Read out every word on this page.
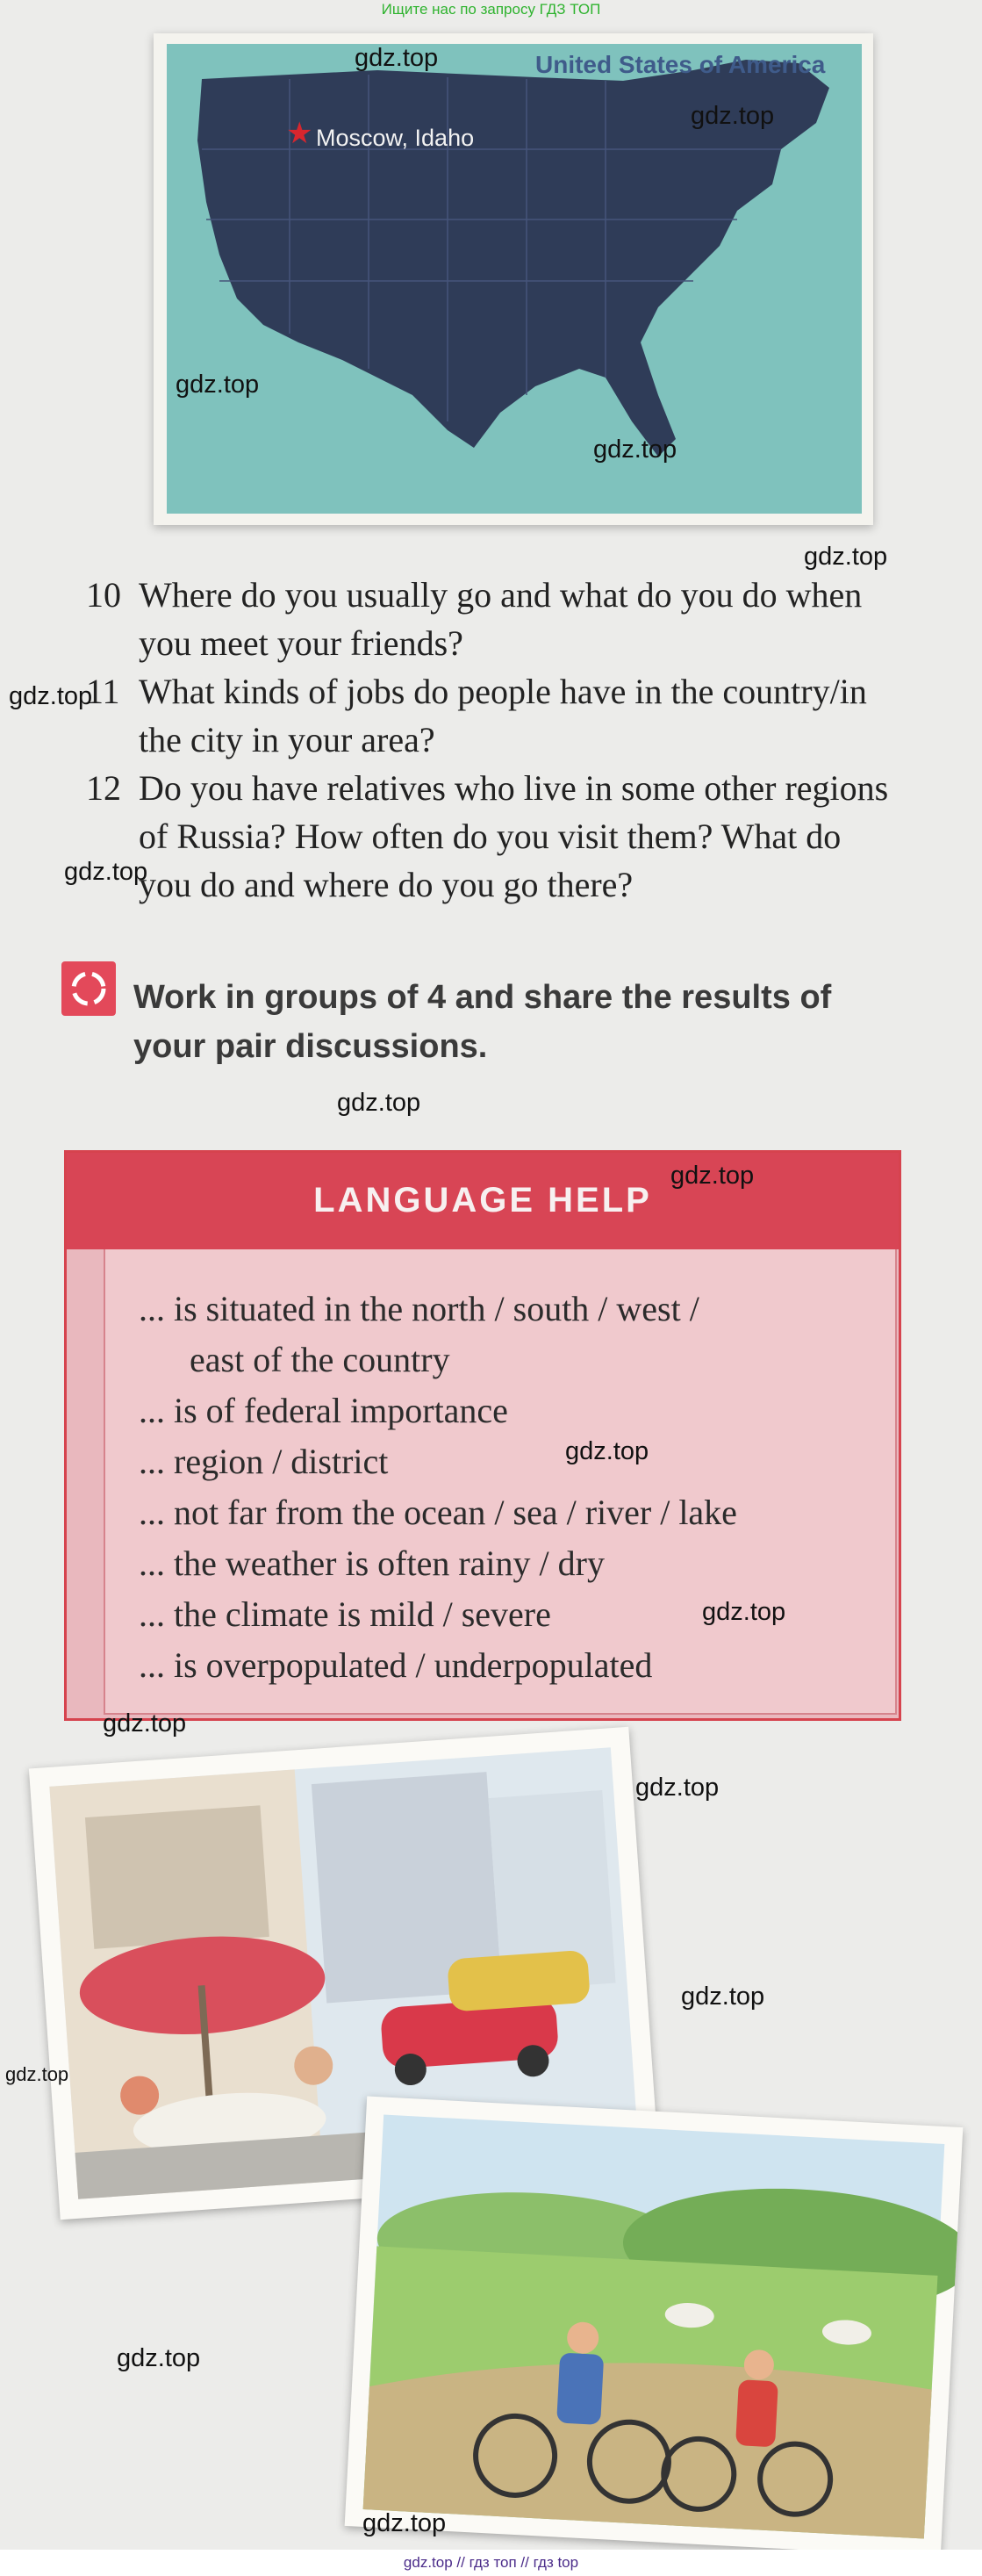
Ищите нас по запросу ГДЗ ТОП
★ Moscow, Idaho
United States of America
10 Where do you usually go and what do you do when you meet your friends?
11 What kinds of jobs do people have in the country/in the city in your area?
12 Do you have relatives who live in some other regions of Russia? How often do you visit them? What do you do and where do you go there?
Work in groups of 4 and share the results of your pair discussions.
LANGUAGE HELP
... is situated in the north / south / west /
east of the country
... is of federal importance
... region / district
... not far from the ocean / sea / river / lake
... the weather is often rainy / dry
... the climate is mild / severe
... is overpopulated / underpopulated
gdz.top
gdz.top
gdz.top
gdz.top
gdz.top
gdz.top
gdz.top
gdz.top
gdz.top
gdz.top
gdz.top
gdz.top
gdz.top
gdz.top
gdz.top
gdz.top
gdz.top
gdz.top // гдз топ // гдз top
